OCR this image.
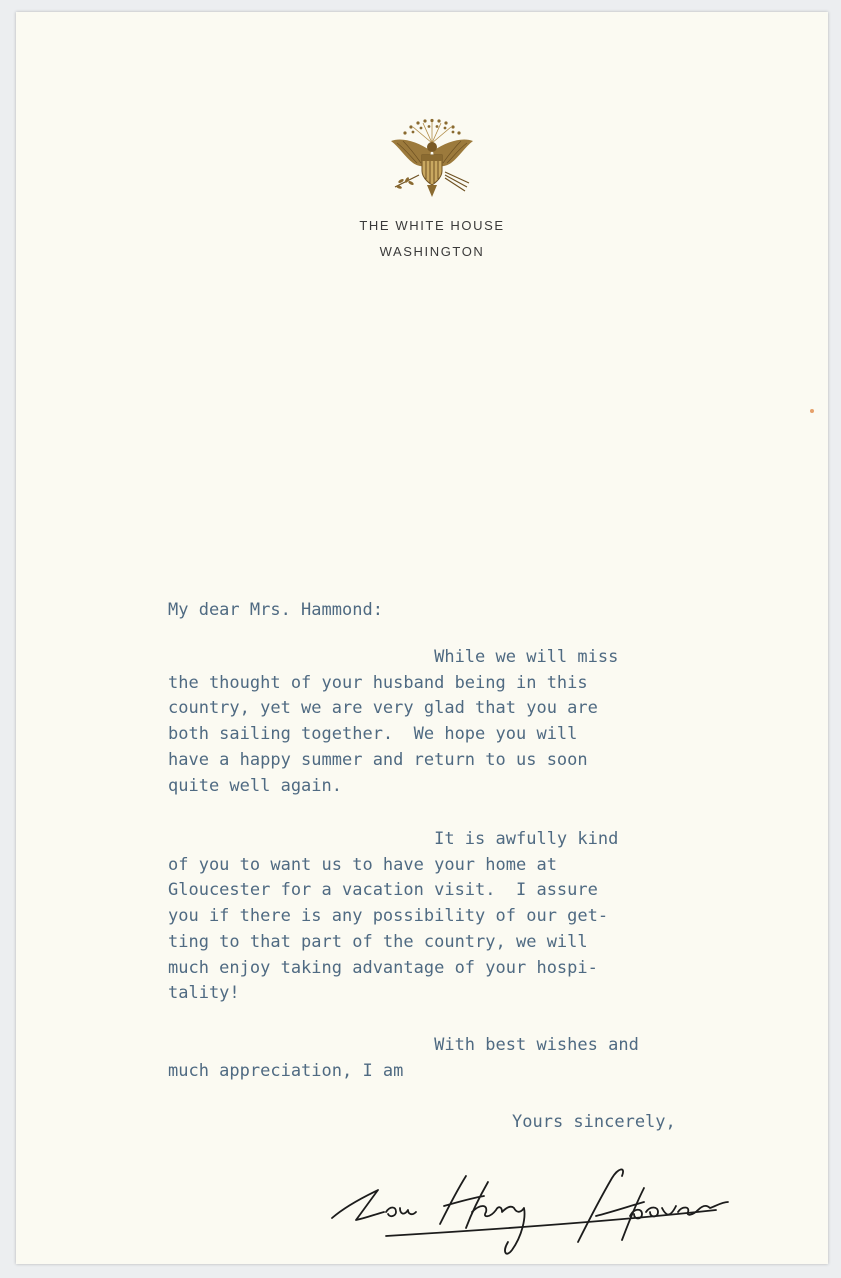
THE WHITE HOUSE

WASHINGTON

My dear Mrs. Hammond:

While we will miss
the thought of your husband being in this
country, yet we are very glad that you are
both sailing together.  We hope you will
have a happy summer and return to us soon
quite well again.

It is awfully kind
of you to want us to have your home at
Gloucester for a vacation visit.  I assure
you if there is any possibility of our get-
ting to that part of the country, we will
much enjoy taking advantage of your hospi-
tality!

With best wishes and
much appreciation, I am

Yours sincerely,
